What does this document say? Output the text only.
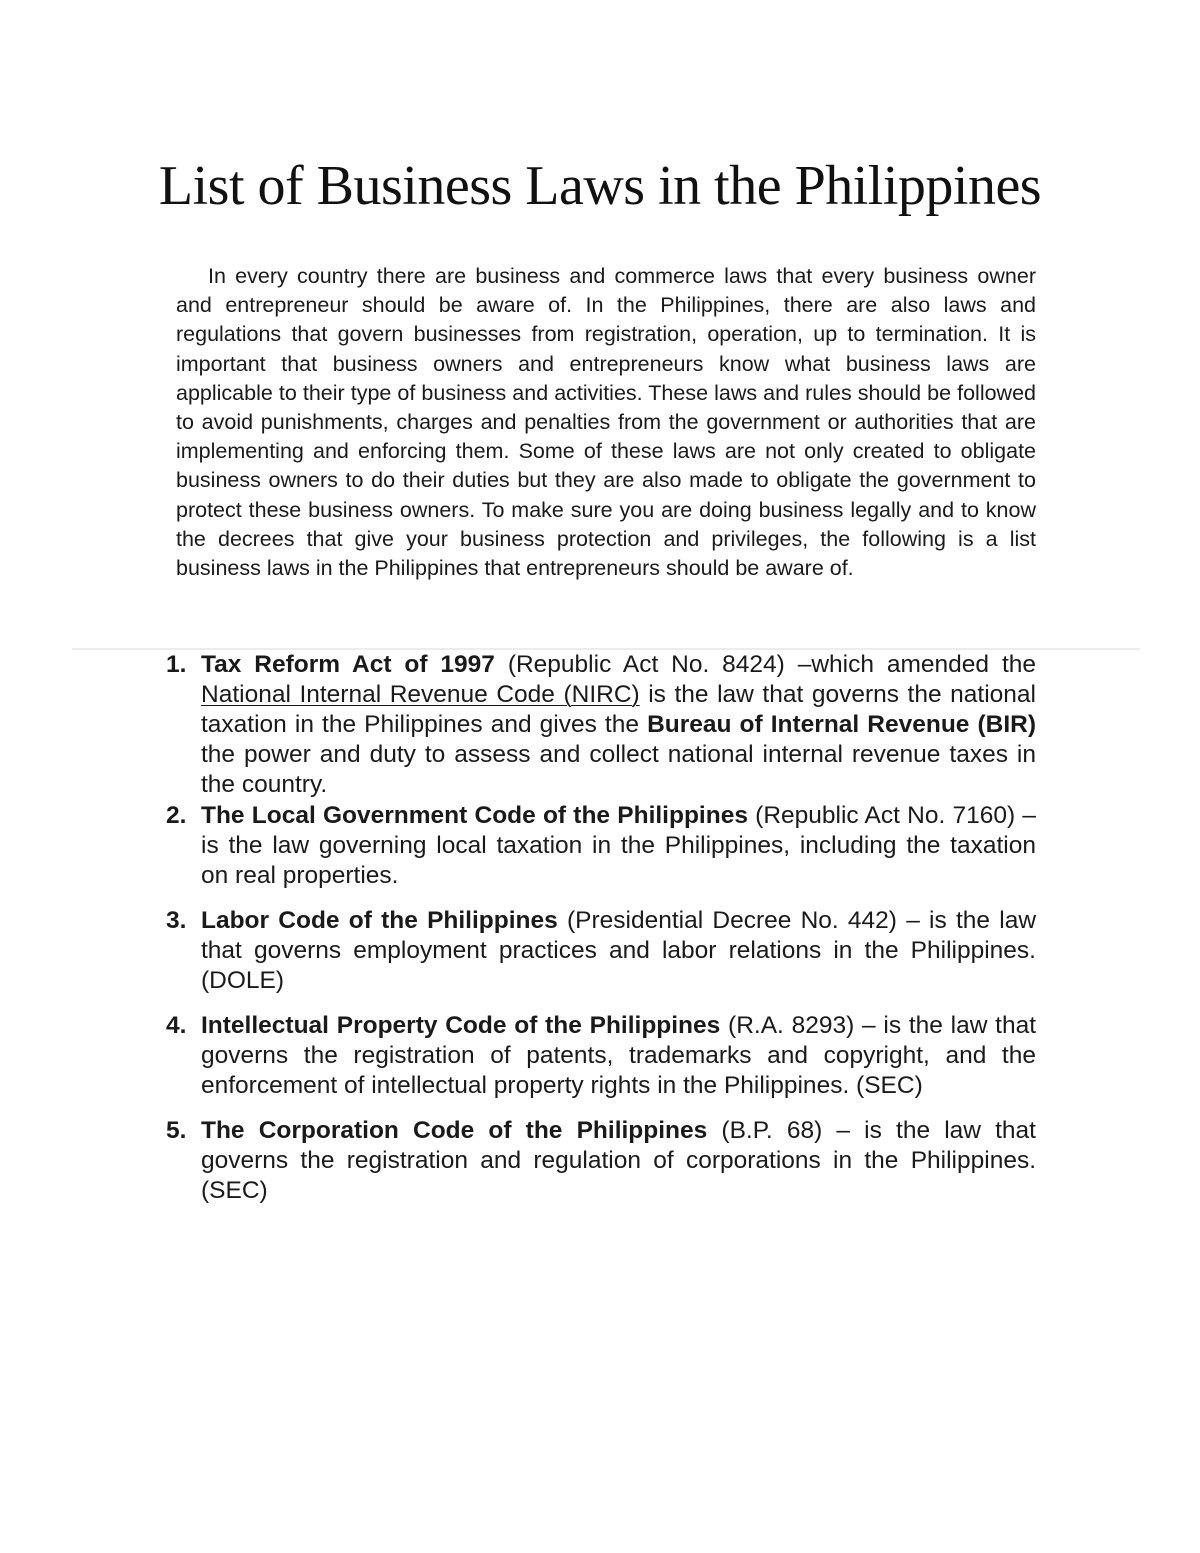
List of Business Laws in the Philippines

In every country there are business and commerce laws that every business owner and entrepreneur should be aware of. In the Philippines, there are also laws and regulations that govern businesses from registration, operation, up to termination. It is important that business owners and entrepreneurs know what business laws are applicable to their type of business and activities. These laws and rules should be followed to avoid punishments, charges and penalties from the government or authorities that are implementing and enforcing them. Some of these laws are not only created to obligate business owners to do their duties but they are also made to obligate the government to protect these business owners. To make sure you are doing business legally and to know the decrees that give your business protection and privileges, the following is a list business laws in the Philippines that entrepreneurs should be aware of.

1. Tax Reform Act of 1997 (Republic Act No. 8424) –which amended the National Internal Revenue Code (NIRC) is the law that governs the national taxation in the Philippines and gives the Bureau of Internal Revenue (BIR) the power and duty to assess and collect national internal revenue taxes in the country.
2. The Local Government Code of the Philippines (Republic Act No. 7160) – is the law governing local taxation in the Philippines, including the taxation on real properties.
3. Labor Code of the Philippines (Presidential Decree No. 442) – is the law that governs employment practices and labor relations in the Philippines. (DOLE)
4. Intellectual Property Code of the Philippines (R.A. 8293) – is the law that governs the registration of patents, trademarks and copyright, and the enforcement of intellectual property rights in the Philippines. (SEC)
5. The Corporation Code of the Philippines (B.P. 68) – is the law that governs the registration and regulation of corporations in the Philippines. (SEC)
